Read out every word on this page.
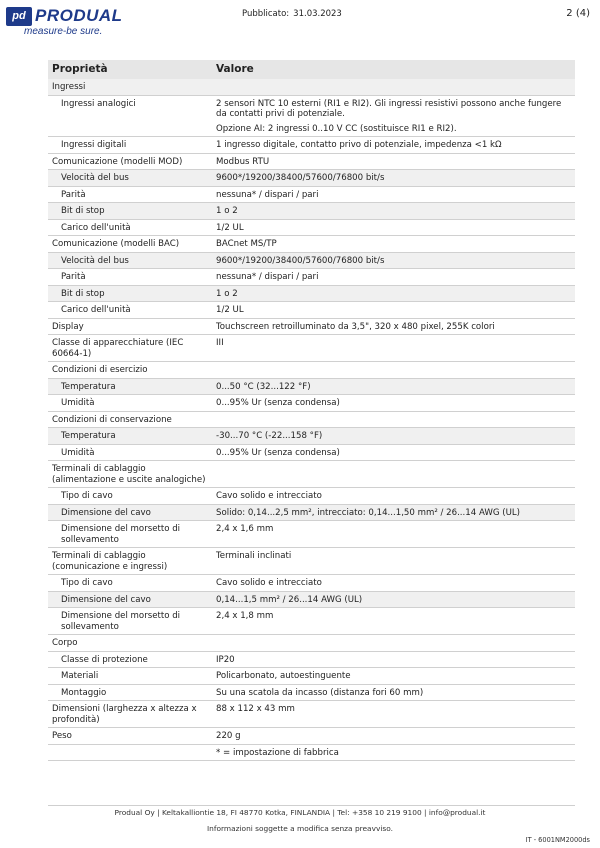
pd PRODUAL
measure-be sure.
Pubblicato: 31.03.2023	2 (4)
Proprietà	Valore
Ingressi	
Ingressi analogici	2 sensori NTC 10 esterni (RI1 e RI2). Gli ingressi resistivi possono anche fungere da contatti privi di potenziale.

Opzione AI: 2 ingressi 0..10 V CC (sostituisce RI1 e RI2).

Ingressi digitali	1 ingresso digitale, contatto privo di potenziale, impedenza <1 kΩ

Comunicazione (modelli MOD)	Modbus RTU

Velocità del bus	9600*/19200/38400/57600/76800 bit/s

Parità	nessuna* / dispari / pari

Bit di stop	1 o 2

Carico dell'unità	1/2 UL

Comunicazione (modelli BAC)	BACnet MS/TP

Velocità del bus	9600*/19200/38400/57600/76800 bit/s

Parità	nessuna* / dispari / pari

Bit di stop	1 o 2

Carico dell'unità	1/2 UL

Display	Touchscreen retroilluminato da 3,5", 320 x 480 pixel, 255K colori

Classe di apparecchiature (IEC 60664-1)	III

Condizioni di esercizio	
Temperatura	0...50 °C (32...122 °F)

Umidità	0...95% Ur (senza condensa)

Condizioni di conservazione	
Temperatura	-30...70 °C (-22...158 °F)

Umidità	0...95% Ur (senza condensa)

Terminali di cablaggio (alimentazione e uscite analogiche)	
Tipo di cavo	Cavo solido e intrecciato

Dimensione del cavo	Solido: 0,14...2,5 mm², intrecciato: 0,14...1,50 mm² / 26...14 AWG (UL)

Dimensione del morsetto di sollevamento	2,4 x 1,6 mm

Terminali di cablaggio (comunicazione e ingressi)	Terminali inclinati

Tipo di cavo	Cavo solido e intrecciato

Dimensione del cavo	0,14...1,5 mm² / 26...14 AWG (UL)

Dimensione del morsetto di sollevamento	2,4 x 1,8 mm

Corpo	
Classe di protezione	IP20

Materiali	Policarbonato, autoestinguente

Montaggio	Su una scatola da incasso (distanza fori 60 mm)

Dimensioni (larghezza x altezza x profondità)	88 x 112 x 43 mm

Peso	220 g

	* = impostazione di fabbrica

Produal Oy | Keltakalliontie 18, FI 48770 Kotka, FINLANDIA | Tel: +358 10 219 9100 | info@produal.it
Informazioni soggette a modifica senza preavviso.
IT - 6001NM2000ds
